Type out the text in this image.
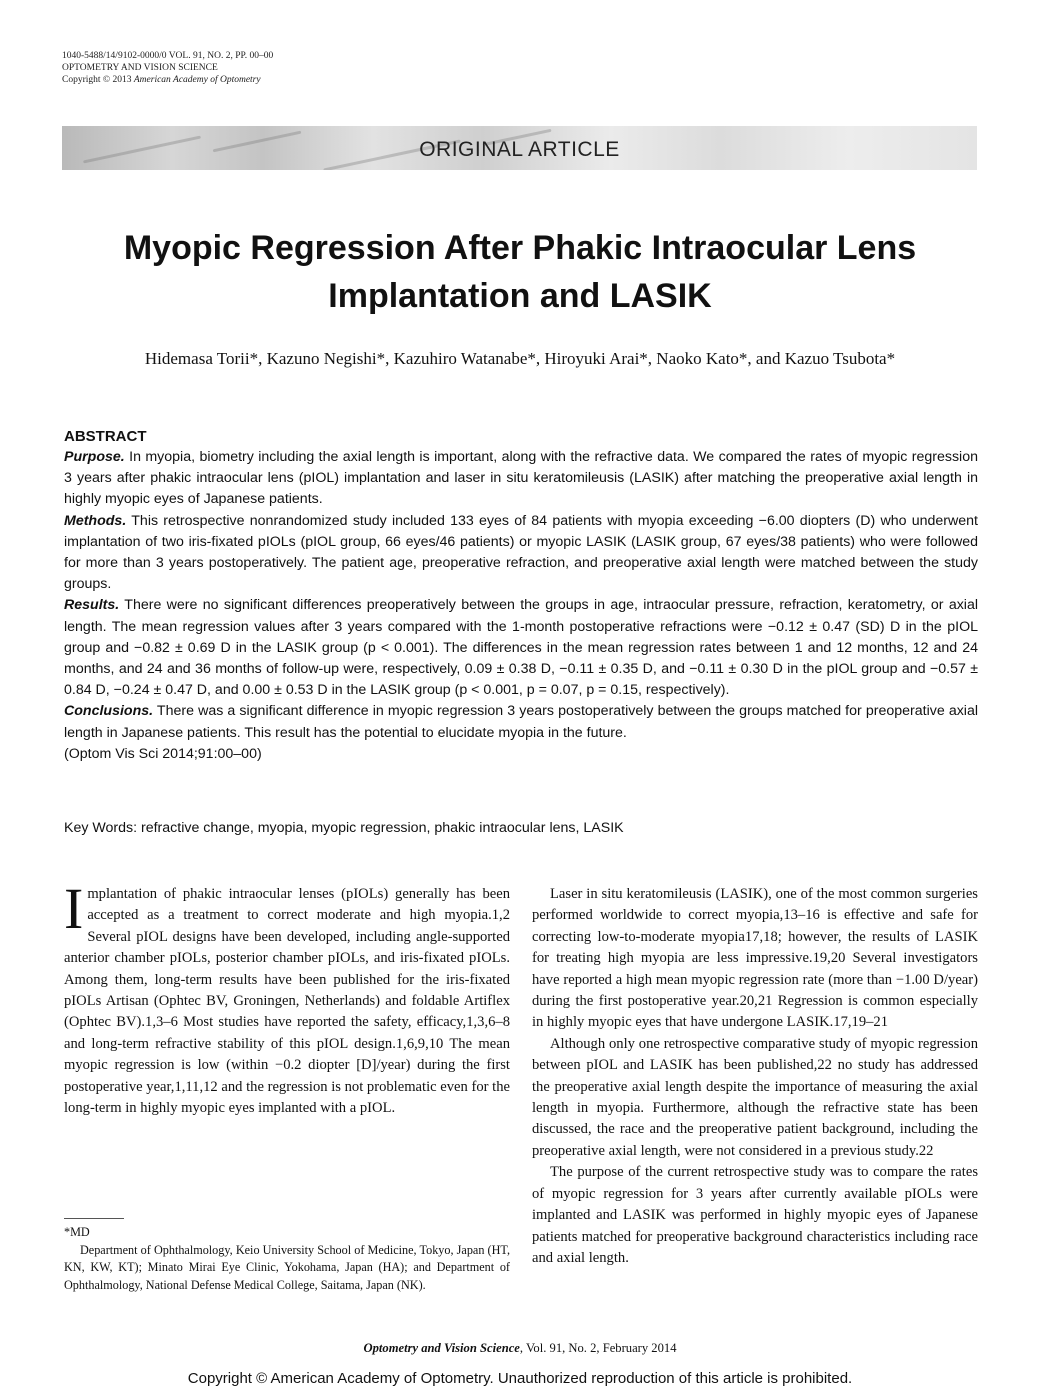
1040-5488/14/9102-0000/0 VOL. 91, NO. 2, PP. 00–00
OPTOMETRY AND VISION SCIENCE
Copyright © 2013 American Academy of Optometry
ORIGINAL ARTICLE
Myopic Regression After Phakic Intraocular Lens
Implantation and LASIK
Hidemasa Torii*, Kazuno Negishi*, Kazuhiro Watanabe*, Hiroyuki Arai*, Naoko Kato*, and Kazuo Tsubota*
ABSTRACT

Purpose. In myopia, biometry including the axial length is important, along with the refractive data. We compared the rates of myopic regression 3 years after phakic intraocular lens (pIOL) implantation and laser in situ keratomileusis (LASIK) after matching the preoperative axial length in highly myopic eyes of Japanese patients.

Methods. This retrospective nonrandomized study included 133 eyes of 84 patients with myopia exceeding −6.00 diopters (D) who underwent implantation of two iris-fixated pIOLs (pIOL group, 66 eyes/46 patients) or myopic LASIK (LASIK group, 67 eyes/38 patients) who were followed for more than 3 years postoperatively. The patient age, preoperative refraction, and preoperative axial length were matched between the study groups.

Results. There were no significant differences preoperatively between the groups in age, intraocular pressure, refraction, keratometry, or axial length. The mean regression values after 3 years compared with the 1-month postoperative refractions were −0.12 ± 0.47 (SD) D in the pIOL group and −0.82 ± 0.69 D in the LASIK group (p < 0.001). The differences in the mean regression rates between 1 and 12 months, 12 and 24 months, and 24 and 36 months of follow-up were, respectively, 0.09 ± 0.38 D, −0.11 ± 0.35 D, and −0.11 ± 0.30 D in the pIOL group and −0.57 ± 0.84 D, −0.24 ± 0.47 D, and 0.00 ± 0.53 D in the LASIK group (p < 0.001, p = 0.07, p = 0.15, respectively).

Conclusions. There was a significant difference in myopic regression 3 years postoperatively between the groups matched for preoperative axial length in Japanese patients. This result has the potential to elucidate myopia in the future.

(Optom Vis Sci 2014;91:00–00)

Key Words: refractive change, myopia, myopic regression, phakic intraocular lens, LASIK

Implantation of phakic intraocular lenses (pIOLs) generally has been accepted as a treatment to correct moderate and high myopia.1,2 Several pIOL designs have been developed, including angle-supported anterior chamber pIOLs, posterior chamber pIOLs, and iris-fixated pIOLs. Among them, long-term results have been published for the iris-fixated pIOLs Artisan (Ophtec BV, Groningen, Netherlands) and foldable Artiflex (Ophtec BV).1,3–6 Most studies have reported the safety, efficacy,1,3,6–8 and long-term refractive stability of this pIOL design.1,6,9,10 The mean myopic regression is low (within −0.2 diopter [D]/year) during the first postoperative year,1,11,12 and the regression is not problematic even for the long-term in highly myopic eyes implanted with a pIOL.

Laser in situ keratomileusis (LASIK), one of the most common surgeries performed worldwide to correct myopia,13–16 is effective and safe for correcting low-to-moderate myopia17,18; however, the results of LASIK for treating high myopia are less impressive.19,20 Several investigators have reported a high mean myopic regression rate (more than −1.00 D/year) during the first postoperative year.20,21 Regression is common especially in highly myopic eyes that have undergone LASIK.17,19–21

Although only one retrospective comparative study of myopic regression between pIOL and LASIK has been published,22 no study has addressed the preoperative axial length despite the importance of measuring the axial length in myopia. Furthermore, although the refractive state has been discussed, the race and the preoperative patient background, including the preoperative axial length, were not considered in a previous study.22

The purpose of the current retrospective study was to compare the rates of myopic regression for 3 years after currently available pIOLs were implanted and LASIK was performed in highly myopic eyes of Japanese patients matched for preoperative background characteristics including race and axial length.

*MD

Department of Ophthalmology, Keio University School of Medicine, Tokyo, Japan (HT, KN, KW, KT); Minato Mirai Eye Clinic, Yokohama, Japan (HA); and Department of Ophthalmology, National Defense Medical College, Saitama, Japan (NK).

Optometry and Vision Science, Vol. 91, No. 2, February 2014
Copyright © American Academy of Optometry. Unauthorized reproduction of this article is prohibited.
